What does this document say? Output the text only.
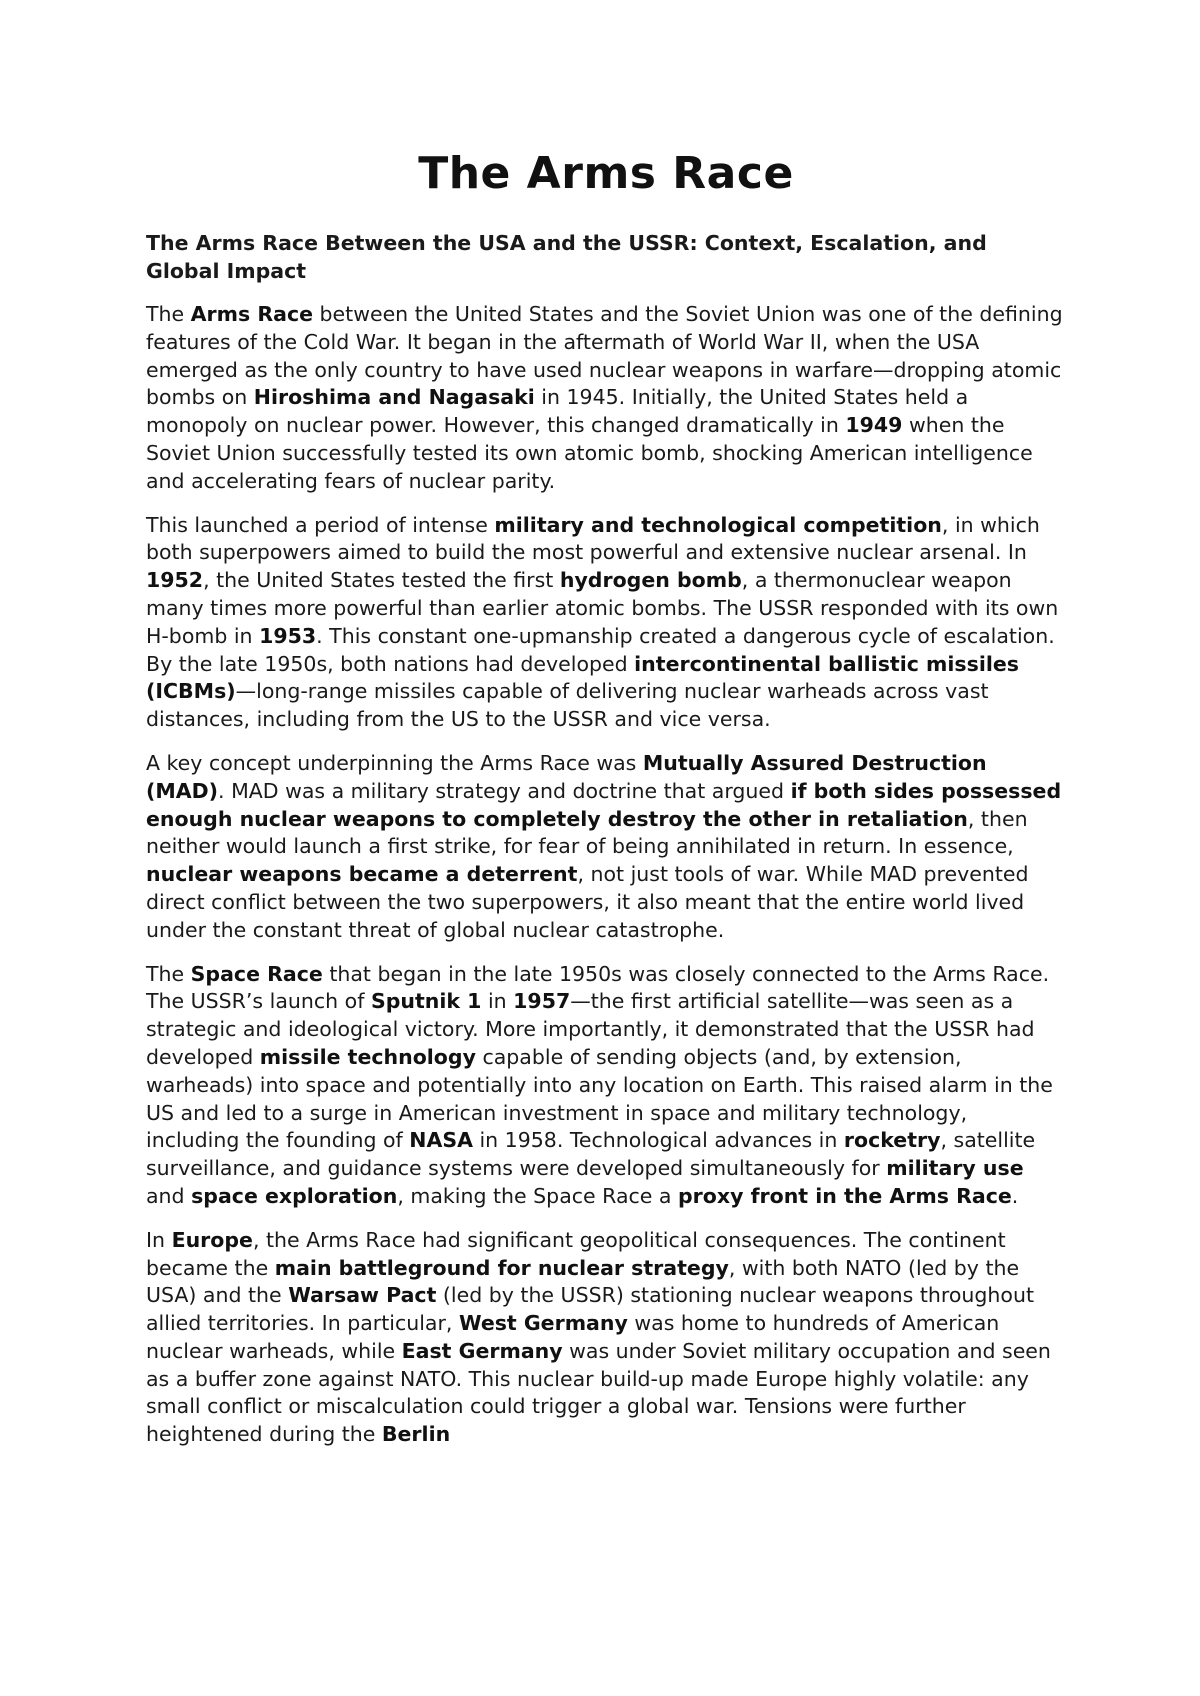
The Arms Race

The Arms Race Between the USA and the USSR: Context, Escalation, and Global Impact

The Arms Race between the United States and the Soviet Union was one of the defining features of the Cold War. It began in the aftermath of World War II, when the USA emerged as the only country to have used nuclear weapons in warfare—dropping atomic bombs on Hiroshima and Nagasaki in 1945. Initially, the United States held a monopoly on nuclear power. However, this changed dramatically in 1949 when the Soviet Union successfully tested its own atomic bomb, shocking American intelligence and accelerating fears of nuclear parity.

This launched a period of intense military and technological competition, in which both superpowers aimed to build the most powerful and extensive nuclear arsenal. In 1952, the United States tested the first hydrogen bomb, a thermonuclear weapon many times more powerful than earlier atomic bombs. The USSR responded with its own H-bomb in 1953. This constant one-upmanship created a dangerous cycle of escalation. By the late 1950s, both nations had developed intercontinental ballistic missiles (ICBMs)—long-range missiles capable of delivering nuclear warheads across vast distances, including from the US to the USSR and vice versa.

A key concept underpinning the Arms Race was Mutually Assured Destruction (MAD). MAD was a military strategy and doctrine that argued if both sides possessed enough nuclear weapons to completely destroy the other in retaliation, then neither would launch a first strike, for fear of being annihilated in return. In essence, nuclear weapons became a deterrent, not just tools of war. While MAD prevented direct conflict between the two superpowers, it also meant that the entire world lived under the constant threat of global nuclear catastrophe.

The Space Race that began in the late 1950s was closely connected to the Arms Race. The USSR’s launch of Sputnik 1 in 1957—the first artificial satellite—was seen as a strategic and ideological victory. More importantly, it demonstrated that the USSR had developed missile technology capable of sending objects (and, by extension, warheads) into space and potentially into any location on Earth. This raised alarm in the US and led to a surge in American investment in space and military technology, including the founding of NASA in 1958. Technological advances in rocketry, satellite surveillance, and guidance systems were developed simultaneously for military use and space exploration, making the Space Race a proxy front in the Arms Race.

In Europe, the Arms Race had significant geopolitical consequences. The continent became the main battleground for nuclear strategy, with both NATO (led by the USA) and the Warsaw Pact (led by the USSR) stationing nuclear weapons throughout allied territories. In particular, West Germany was home to hundreds of American nuclear warheads, while East Germany was under Soviet military occupation and seen as a buffer zone against NATO. This nuclear build-up made Europe highly volatile: any small conflict or miscalculation could trigger a global war. Tensions were further heightened during the Berlin
